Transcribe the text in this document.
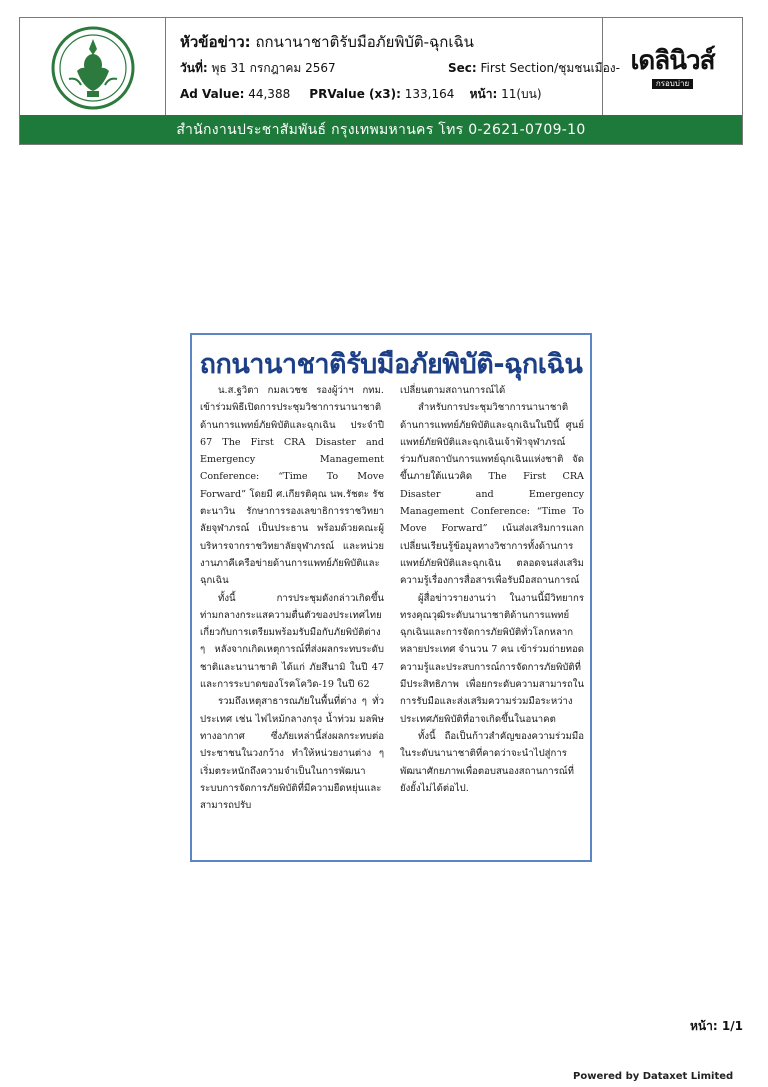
หัวข้อข่าว: ถกนานาชาติรับมือภัยพิบัติ-ฉุกเฉิน
วันที่: พุธ 31 กรกฎาคม 2567	Sec: First Section/ชุมชนเมือง-
Ad Value: 44,388 PRValue (x3): 133,164 หน้า: 11(บน)
เดลินิวส์
กรอบบ่าย
สำนักงานประชาสัมพันธ์ กรุงเทพมหานคร โทร 0-2621-0709-10
ถกนานาชาติรับมือภัยพิบัติ-ฉุกเฉิน

น.ส.ฐวิตา กมลเวชช รองผู้ว่าฯ กทม. เข้าร่วมพิธีเปิดการประชุมวิชาการนานาชาติด้านการแพทย์ภัยพิบัติและฉุกเฉิน ประจำปี 67 The First CRA Disaster and Emergency Management Conference: “Time To Move Forward” โดยมี ศ.เกียรติคุณ นพ.รัชตะ รัชตะนาวิน รักษาการรองเลขาธิการราชวิทยาลัยจุฬาภรณ์ เป็นประธาน พร้อมด้วยคณะผู้บริหารจากราชวิทยาลัยจุฬาภรณ์ และหน่วยงานภาคีเครือข่ายด้านการแพทย์ภัยพิบัติและฉุกเฉิน

ทั้งนี้ การประชุมดังกล่าวเกิดขึ้นท่ามกลางกระแสความตื่นตัวของประเทศไทยเกี่ยวกับการเตรียมพร้อมรับมือกับภัยพิบัติต่าง ๆ หลังจากเกิดเหตุการณ์ที่ส่งผลกระทบระดับชาติและนานาชาติ ได้แก่ ภัยสึนามิ ในปี 47 และการระบาดของโรคโควิด-19 ในปี 62

รวมถึงเหตุสาธารณภัยในพื้นที่ต่าง ๆ ทั่วประเทศ เช่น ไฟไหม้กลางกรุง น้ำท่วม มลพิษทางอากาศ ซึ่งภัยเหล่านี้ส่งผลกระทบต่อประชาชนในวงกว้าง ทำให้หน่วยงานต่าง ๆ เริ่มตระหนักถึงความจำเป็นในการพัฒนาระบบการจัดการภัยพิบัติที่มีความยืดหยุ่นและสามารถปรับ

เปลี่ยนตามสถานการณ์ได้

สำหรับการประชุมวิชาการนานาชาติด้านการแพทย์ภัยพิบัติและฉุกเฉินในปีนี้ ศูนย์แพทย์ภัยพิบัติและฉุกเฉินเจ้าฟ้าจุฬาภรณ์ ร่วมกับสถาบันการแพทย์ฉุกเฉินแห่งชาติ จัดขึ้นภายใต้แนวคิด The First CRA Disaster and Emergency Management Conference: “Time To Move Forward” เน้นส่งเสริมการแลกเปลี่ยนเรียนรู้ข้อมูลทางวิชาการทั้งด้านการแพทย์ภัยพิบัติและฉุกเฉิน ตลอดจนส่งเสริมความรู้เรื่องการสื่อสารเพื่อรับมือสถานการณ์

ผู้สื่อข่าวรายงานว่า ในงานนี้มีวิทยากรทรงคุณวุฒิระดับนานาชาติด้านการแพทย์ฉุกเฉินและการจัดการภัยพิบัติทั่วโลกหลากหลายประเทศ จำนวน 7 คน เข้าร่วมถ่ายทอดความรู้และประสบการณ์การจัดการภัยพิบัติที่มีประสิทธิภาพ เพื่อยกระดับความสามารถในการรับมือและส่งเสริมความร่วมมือระหว่างประเทศภัยพิบัติที่อาจเกิดขึ้นในอนาคต

ทั้งนี้ ถือเป็นก้าวสำคัญของความร่วมมือในระดับนานาชาติที่คาดว่าจะนำไปสู่การพัฒนาศักยภาพเพื่อตอบสนองสถานการณ์ที่ยังยั้งไม่ได้ต่อไป.

หน้า: 1/1
Powered by Dataxet Limited
